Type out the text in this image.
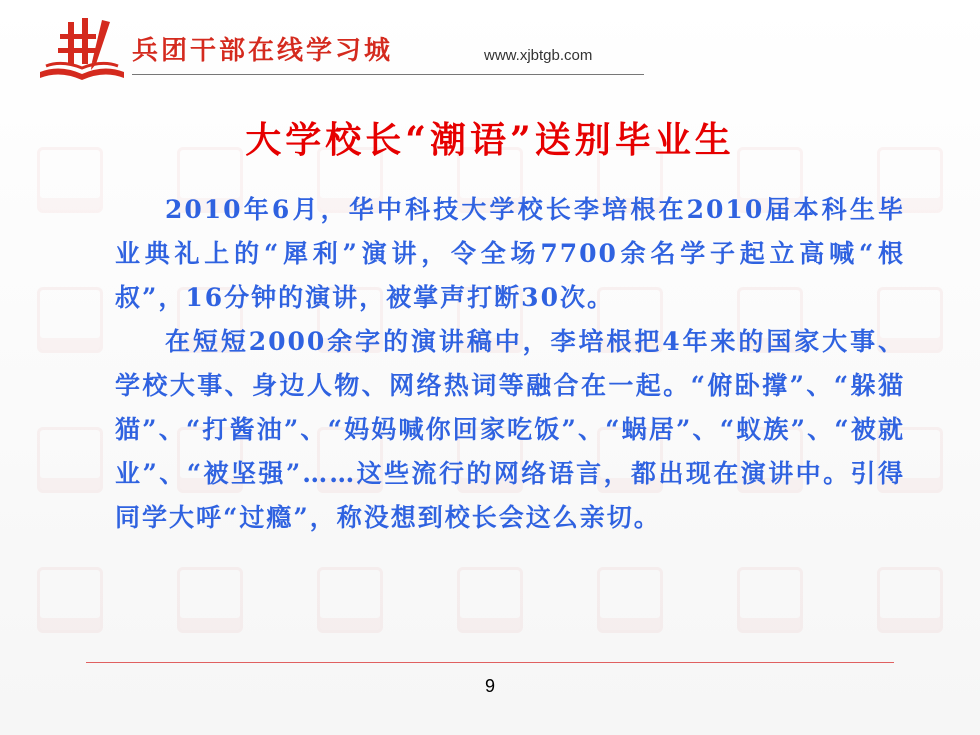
兵团干部在线学习城	www.xjbtgb.com
大学校长“潮语”送别毕业生

2010年6月，华中科技大学校长李培根在2010届本科生毕业典礼上的“犀利”演讲，令全场7700余名学子起立高喊“根叔”，16分钟的演讲，被掌声打断30次。

在短短2000余字的演讲稿中，李培根把4年来的国家大事、学校大事、身边人物、网络热词等融合在一起。“俯卧撑”、“躲猫猫”、“打酱油”、“妈妈喊你回家吃饭”、“蜗居”、“蚁族”、“被就业”、“被坚强”……这些流行的网络语言，都出现在演讲中。引得同学大呼“过瘾”，称没想到校长会这么亲切。

9
